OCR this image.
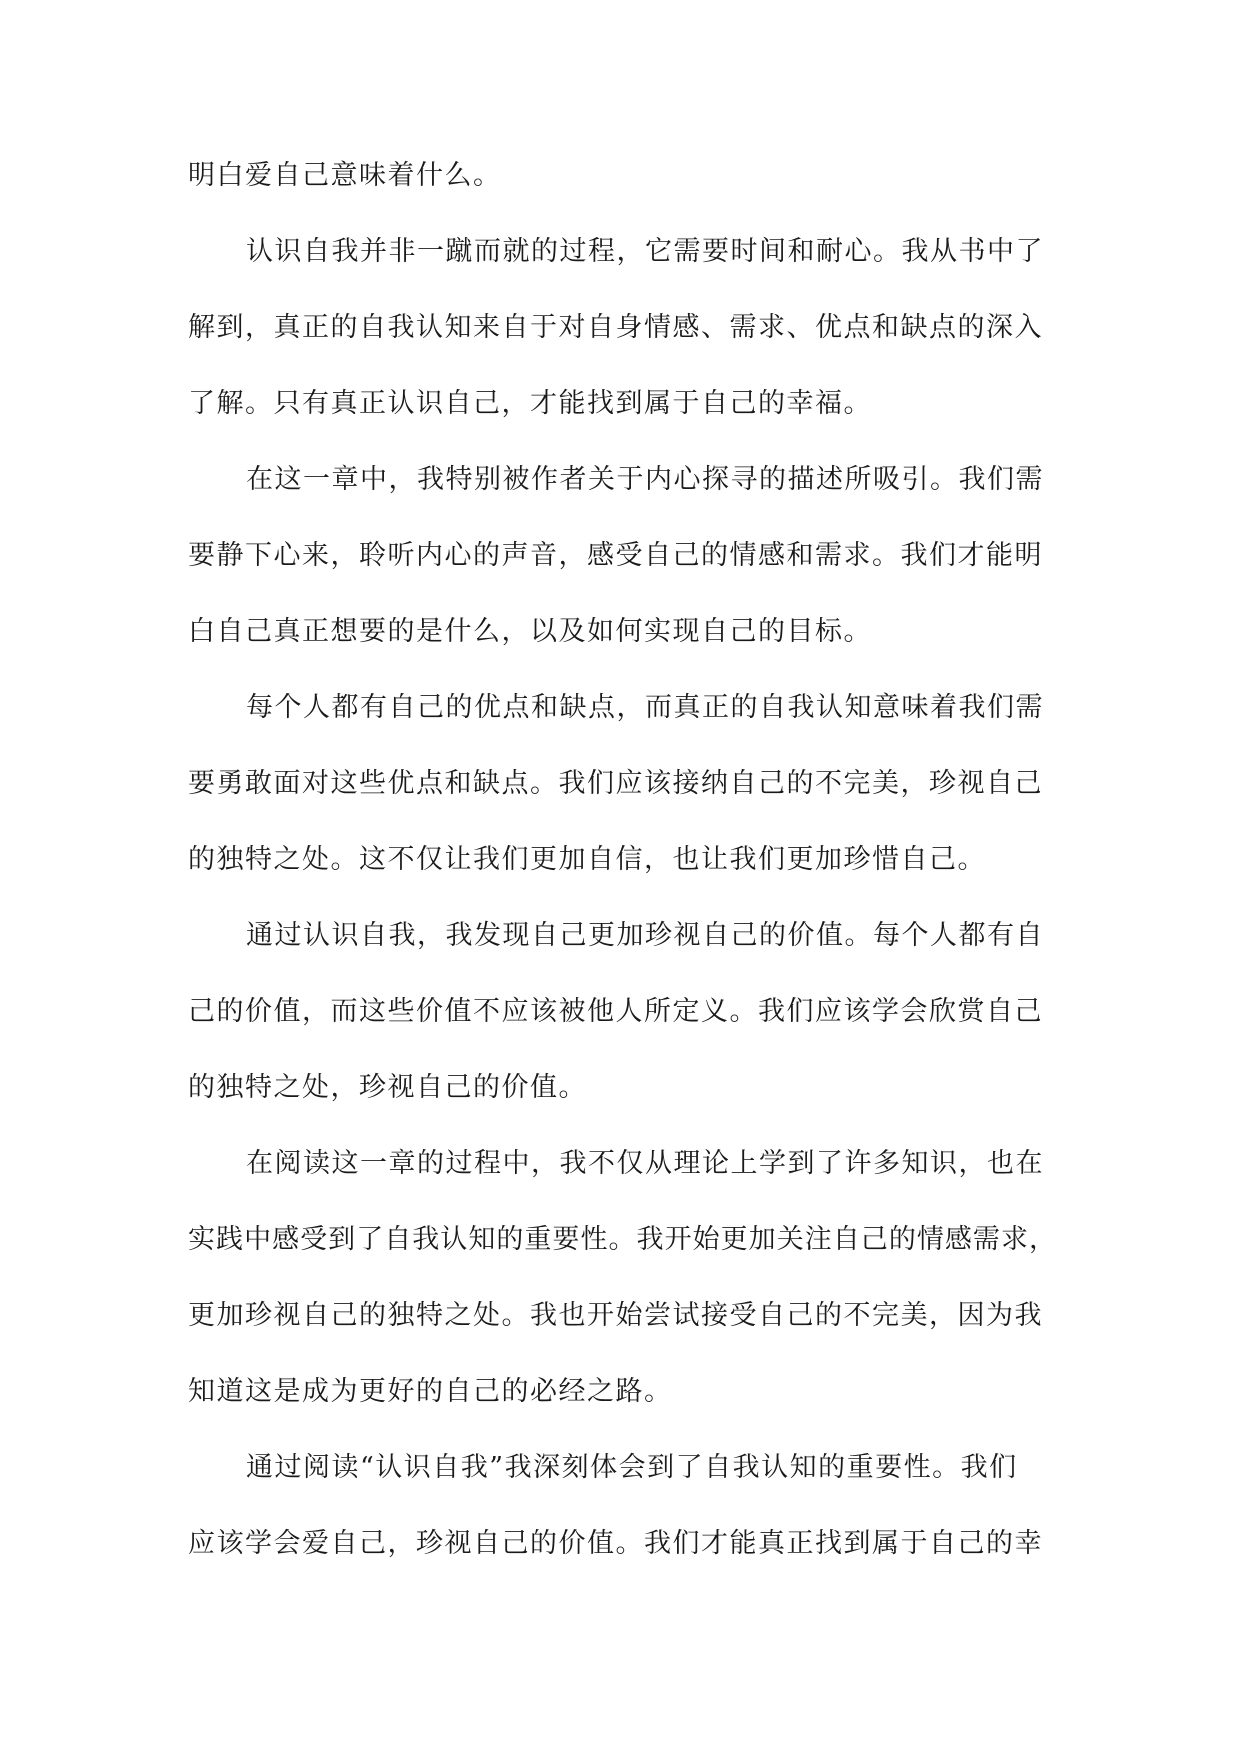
明白爱自己意味着什么。
认识自我并非一蹴而就的过程，它需要时间和耐心。我从书中了
解到，真正的自我认知来自于对自身情感、需求、优点和缺点的深入
了解。只有真正认识自己，才能找到属于自己的幸福。
在这一章中，我特别被作者关于内心探寻的描述所吸引。我们需
要静下心来，聆听内心的声音，感受自己的情感和需求。我们才能明
白自己真正想要的是什么，以及如何实现自己的目标。
每个人都有自己的优点和缺点，而真正的自我认知意味着我们需
要勇敢面对这些优点和缺点。我们应该接纳自己的不完美，珍视自己
的独特之处。这不仅让我们更加自信，也让我们更加珍惜自己。
通过认识自我，我发现自己更加珍视自己的价值。每个人都有自
己的价值，而这些价值不应该被他人所定义。我们应该学会欣赏自己
的独特之处，珍视自己的价值。
在阅读这一章的过程中，我不仅从理论上学到了许多知识，也在
实践中感受到了自我认知的重要性。我开始更加关注自己的情感需求，
更加珍视自己的独特之处。我也开始尝试接受自己的不完美，因为我
知道这是成为更好的自己的必经之路。
通过阅读“认识自我”我深刻体会到了自我认知的重要性。我们
应该学会爱自己，珍视自己的价值。我们才能真正找到属于自己的幸
